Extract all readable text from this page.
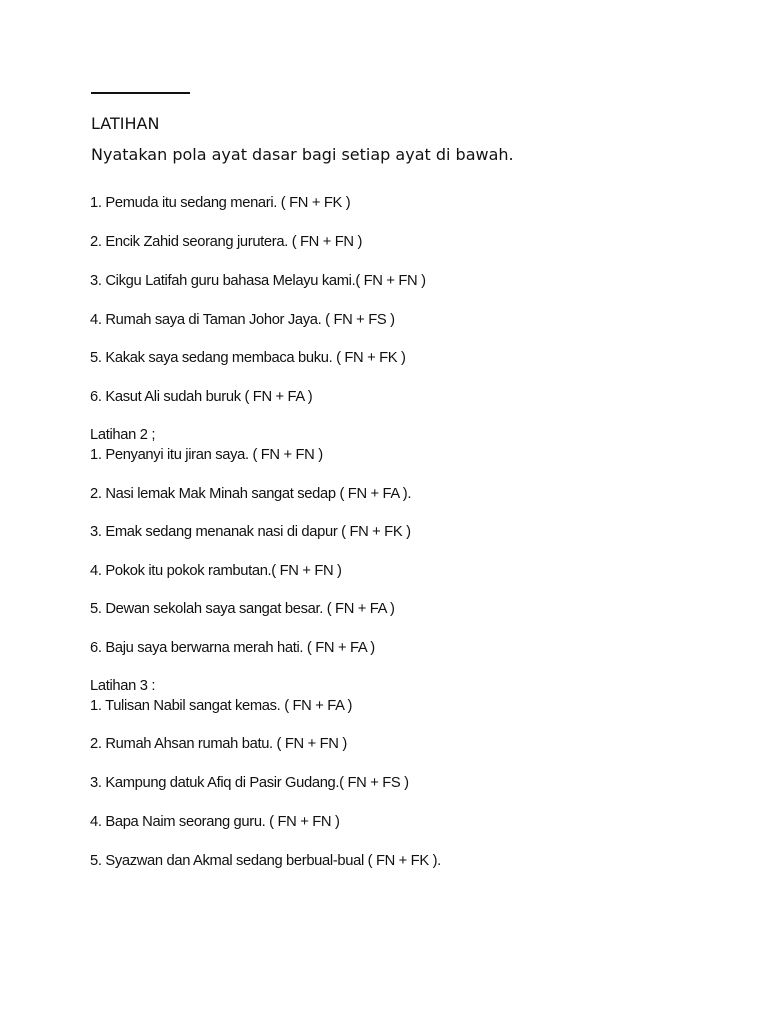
LATIHAN
Nyatakan pola ayat dasar bagi setiap ayat di bawah.
1. Pemuda itu sedang menari. ( FN + FK )
2. Encik Zahid seorang jurutera. ( FN + FN )
3. Cikgu Latifah guru bahasa Melayu kami.( FN + FN )
4. Rumah saya di Taman Johor Jaya. ( FN + FS )
5. Kakak saya sedang membaca buku. ( FN + FK )
6. Kasut Ali sudah buruk ( FN + FA )
Latihan 2 ;
1. Penyanyi itu jiran saya. ( FN + FN )
2. Nasi lemak Mak Minah sangat sedap ( FN + FA ).
3. Emak sedang menanak nasi di dapur ( FN + FK )
4. Pokok itu pokok rambutan.( FN + FN )
5. Dewan sekolah saya sangat besar. ( FN + FA )
6. Baju saya berwarna merah hati. ( FN + FA )
Latihan 3 :
1. Tulisan Nabil sangat kemas. ( FN + FA )
2. Rumah Ahsan rumah batu. ( FN + FN )
3. Kampung datuk Afiq di Pasir Gudang.( FN + FS )
4. Bapa Naim seorang guru. ( FN + FN )
5. Syazwan dan Akmal sedang berbual-bual ( FN + FK ).
